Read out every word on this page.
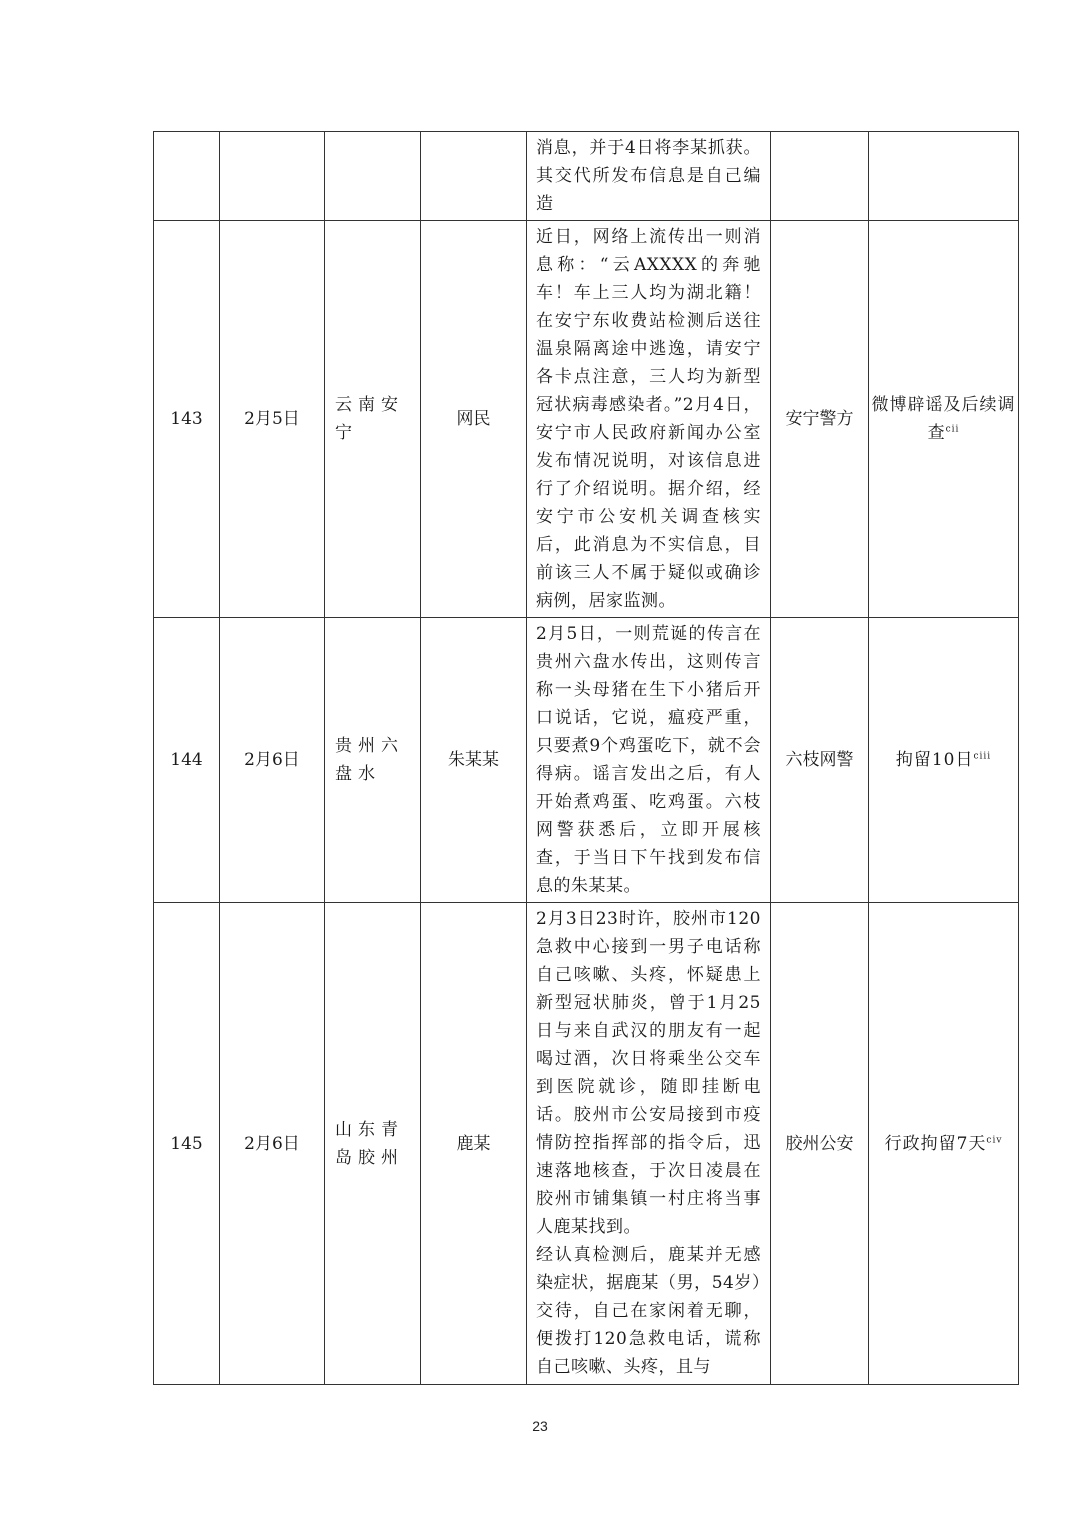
				消息，并于4日将李某抓获。其交代所发布信息是自己编造		
143	2月5日	云南安宁	网民	近日，网络上流传出一则消息称：“云AXXXX的奔驰车！车上三人均为湖北籍！在安宁东收费站检测后送往温泉隔离途中逃逸，请安宁各卡点注意，三人均为新型冠状病毒感染者。”2月4日，安宁市人民政府新闻办公室发布情况说明，对该信息进行了介绍说明。据介绍，经安宁市公安机关调查核实后，此消息为不实信息，目前该三人不属于疑似或确诊病例，居家监测。	安宁警方	微博辟谣及后续调查$^{cii}$
144	2月6日	贵州六盘水	朱某某	2月5日，一则荒诞的传言在贵州六盘水传出，这则传言称一头母猪在生下小猪后开口说话，它说，瘟疫严重，只要煮9个鸡蛋吃下，就不会得病。谣言发出之后，有人开始煮鸡蛋、吃鸡蛋。六枝网警获悉后，立即开展核查，于当日下午找到发布信息的朱某某。	六枝网警	拘留10日$^{ciii}$
145	2月6日	山东青岛胶州	鹿某	2月3日23时许，胶州市120急救中心接到一男子电话称自己咳嗽、头疼，怀疑患上新型冠状肺炎，曾于1月25日与来自武汉的朋友有一起喝过酒，次日将乘坐公交车到医院就诊，随即挂断电话。胶州市公安局接到市疫情防控指挥部的指令后，迅速落地核查，于次日凌晨在胶州市铺集镇一村庄将当事人鹿某找到。
经认真检测后，鹿某并无感染症状，据鹿某（男，54岁）交待，自己在家闲着无聊，便拨打120急救电话，谎称自己咳嗽、头疼，且与	胶州公安	行政拘留7天$^{civ}$
23
